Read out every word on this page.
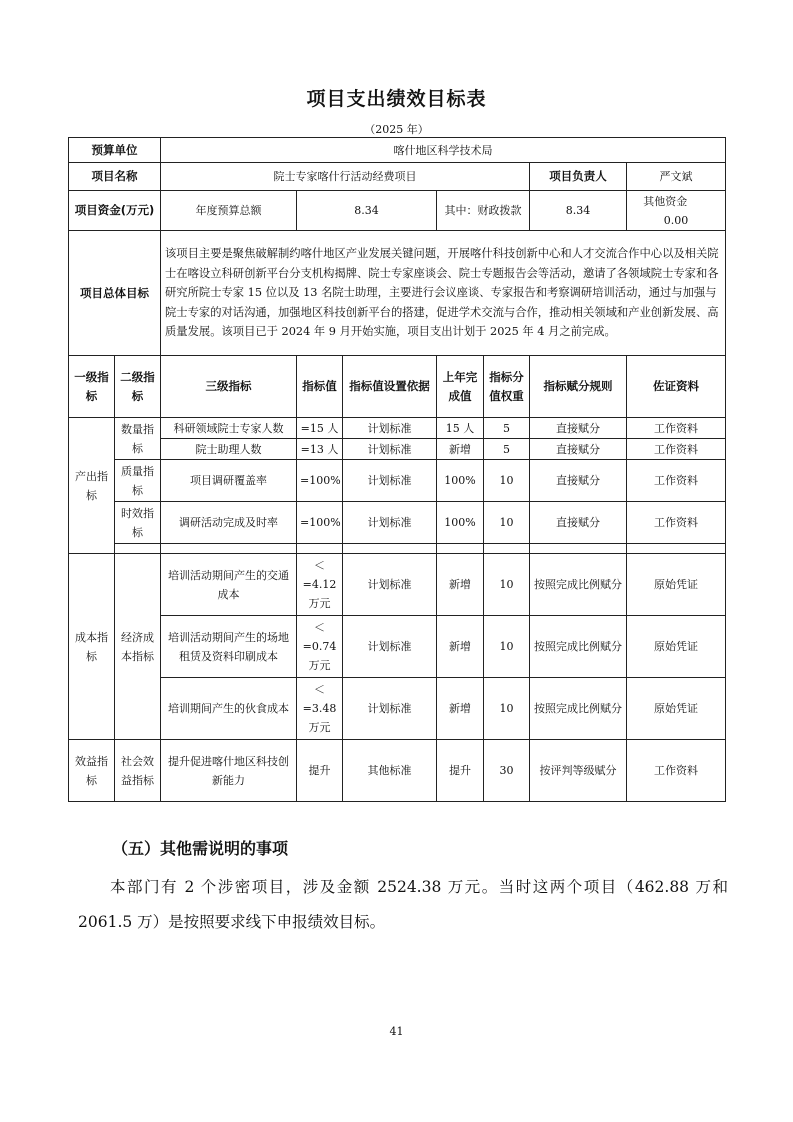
项目支出绩效目标表
（2025 年）
预算单位		喀什地区科学技术局						
项目名称		院士专家喀什行活动经费项目					项目负责人	严文斌
项目资金(万元)		年度预算总额	8.34		其中：财政拨款		8.34	其他资金  0.00
项目总体目标		该项目主要是聚焦破解制约喀什地区产业发展关键问题，开展喀什科技创新中心和人才交流合作中心以及相关院士在喀设立科研创新平台分支机构揭牌、院士专家座谈会、院士专题报告会等活动，邀请了各领域院士专家和各研究所院士专家 15 位以及 13 名院士助理，主要进行会议座谈、专家报告和考察调研培训活动，通过与加强与院士专家的对话沟通，加强地区科技创新平台的搭建，促进学术交流与合作，推动相关领域和产业创新发展、高质量发展。该项目已于 2024 年 9 月开始实施，项目支出计划于 2025 年 4 月之前完成。						
一级指标	二级指标	三级指标	指标值	指标值设置依据	上年完成值	指标分值权重	指标赋分规则	佐证资料
产出指标	数量指标	科研领域院士专家人数	=15 人	计划标准	15 人	5	直接赋分	工作资料
		院士助理人数	=13 人	计划标准	新增	5	直接赋分	工作资料
	质量指标	项目调研覆盖率	=100%	计划标准	100%	10	直接赋分	工作资料
	时效指标	调研活动完成及时率	=100%	计划标准	100%	10	直接赋分	工作资料

成本指标	经济成本指标	培训活动期间产生的交通成本	＜=4.12 万元	计划标准	新增	10	按照完成比例赋分	原始凭证
		培训活动期间产生的场地租赁及资料印刷成本	＜=0.74 万元	计划标准	新增	10	按照完成比例赋分	原始凭证
		培训期间产生的伙食成本	＜=3.48 万元	计划标准	新增	10	按照完成比例赋分	原始凭证
效益指标	社会效益指标	提升促进喀什地区科技创新能力	提升	其他标准	提升	30	按评判等级赋分	工作资料
（五）其他需说明的事项
本部门有 2 个涉密项目，涉及金额 2524.38 万元。当时这两个项目（462.88 万和 2061.5 万）是按照要求线下申报绩效目标。
41
